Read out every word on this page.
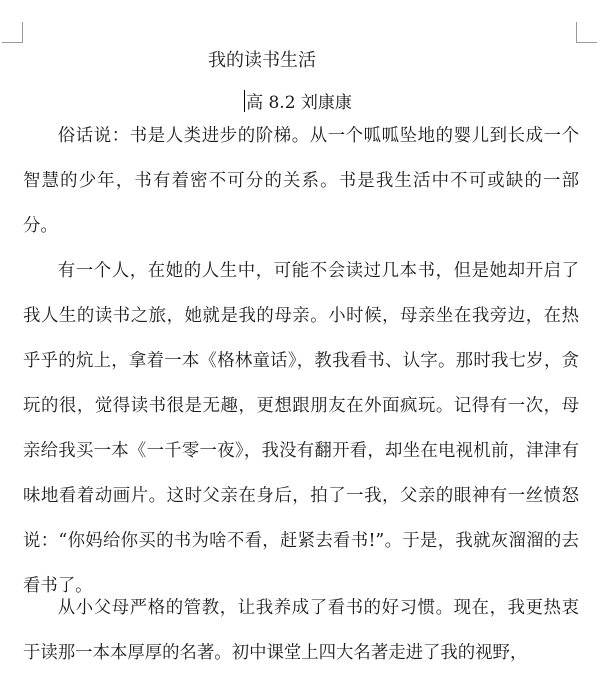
我的读书生活
高 8.2 刘康康

俗话说：书是人类进步的阶梯。从一个呱呱坠地的婴儿到长成一个智慧的少年，书有着密不可分的关系。书是我生活中不可或缺的一部分。

有一个人，在她的人生中，可能不会读过几本书，但是她却开启了我人生的读书之旅，她就是我的母亲。小时候，母亲坐在我旁边，在热乎乎的炕上，拿着一本《格林童话》，教我看书、认字。那时我七岁，贪玩的很，觉得读书很是无趣，更想跟朋友在外面疯玩。记得有一次，母亲给我买一本《一千零一夜》，我没有翻开看，却坐在电视机前，津津有味地看着动画片。这时父亲在身后，拍了一我，父亲的眼神有一丝愤怒说：“你妈给你买的书为啥不看，赶紧去看书!”。于是，我就灰溜溜的去看书了。

从小父母严格的管教，让我养成了看书的好习惯。现在，我更热衷于读那一本本厚厚的名著。初中课堂上四大名著走进了我的视野，
